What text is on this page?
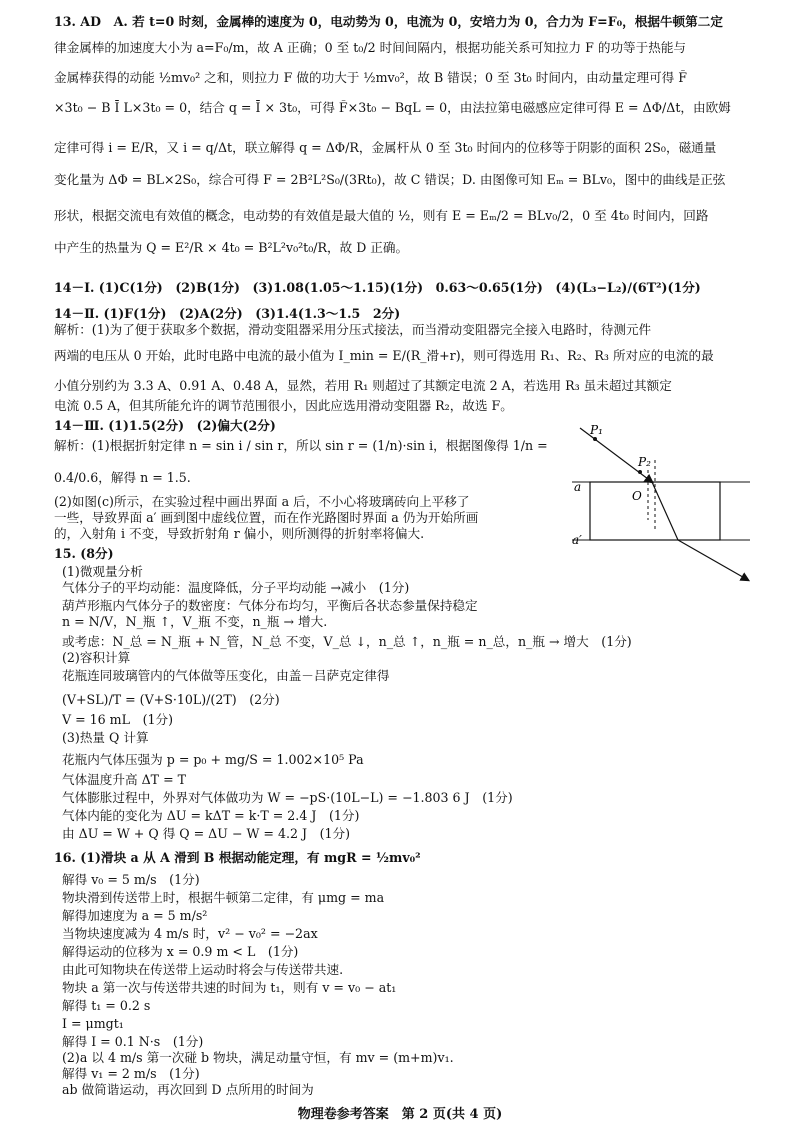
13. AD　A. 若 t=0 时刻，金属棒的速度为 0，电动势为 0，电流为 0，安培力为 0，合力为 F=F₀，根据牛顿第二定
律金属棒的加速度大小为 a=F₀/m，故 A 正确；0 至 t₀/2 时间间隔内，根据功能关系可知拉力 F 的功等于热能与
金属棒获得的动能 ½mv₀² 之和，则拉力 F 做的功大于 ½mv₀²，故 B 错误；0 至 3t₀ 时间内，由动量定理可得 F̄
×3t₀ − B Ī L×3t₀ = 0，结合 q = Ī × 3t₀，可得 F̄×3t₀ − BqL = 0，由法拉第电磁感应定律可得 E = ΔΦ/Δt，由欧姆
定律可得 i = E/R，又 i = q/Δt，联立解得 q = ΔΦ/R，金属杆从 0 至 3t₀ 时间内的位移等于阴影的面积 2S₀，磁通量
变化量为 ΔΦ = BL×2S₀，综合可得 F = 2B²L²S₀/(3Rt₀)，故 C 错误；D. 由图像可知 Eₘ = BLv₀，图中的曲线是正弦
形状，根据交流电有效值的概念，电动势的有效值是最大值的 ½，则有 E = Eₘ/2 = BLv₀/2，0 至 4t₀ 时间内，回路
中产生的热量为 Q = E²/R × 4t₀ = B²L²v₀²t₀/R，故 D 正确。
14－Ⅰ. (1)C(1分)　(2)B(1分)　(3)1.08(1.05～1.15)(1分)　0.63～0.65(1分)　(4)(L₃−L₂)/(6T²)(1分)
14－Ⅱ. (1)F(1分)　(2)A(2分)　(3)1.4(1.3～1.5　2分)
解析：(1)为了便于获取多个数据，滑动变阻器采用分压式接法，而当滑动变阻器完全接入电路时，待测元件
两端的电压从 0 开始，此时电路中电流的最小值为 I_min = E/(R_滑+r)，则可得选用 R₁、R₂、R₃ 所对应的电流的最
小值分别约为 3.3 A、0.91 A、0.48 A，显然，若用 R₁ 则超过了其额定电流 2 A，若选用 R₃ 虽未超过其额定
电流 0.5 A，但其所能允许的调节范围很小，因此应选用滑动变阻器 R₂，故选 F。
14－Ⅲ. (1)1.5(2分)　(2)偏大(2分)
解析：(1)根据折射定律 n = sin i / sin r，所以 sin r = (1/n)·sin i，根据图像得 1/n =
0.4/0.6，解得 n = 1.5.
(2)如图(c)所示，在实验过程中画出界面 a 后，不小心将玻璃砖向上平移了
一些，导致界面 a′ 画到图中虚线位置，而在作光路图时界面 a 仍为开始所画
的，入射角 i 不变，导致折射角 r 偏小，则所测得的折射率将偏大.
P₁
P₂
a
a′
O
15. (8分)
(1)微观量分析
气体分子的平均动能：温度降低，分子平均动能 →减小　(1分)
葫芦形瓶内气体分子的数密度：气体分布均匀，平衡后各状态参量保持稳定
n = N/V，N_瓶 ↑，V_瓶 不变，n_瓶 → 增大.
或考虑：N_总 = N_瓶 + N_管，N_总 不变，V_总 ↓，n_总 ↑，n_瓶 = n_总，n_瓶 → 增大　(1分)
(2)容积计算
花瓶连同玻璃管内的气体做等压变化，由盖－吕萨克定律得
(V+SL)/T = (V+S·10L)/(2T)　(2分)
V = 16 mL　(1分)
(3)热量 Q 计算
花瓶内气体压强为 p = p₀ + mg/S = 1.002×10⁵ Pa
气体温度升高 ΔT = T
气体膨胀过程中，外界对气体做功为 W = −pS·(10L−L) = −1.803 6 J　(1分)
气体内能的变化为 ΔU = kΔT = k·T = 2.4 J　(1分)
由 ΔU = W + Q 得 Q = ΔU − W = 4.2 J　(1分)
16. (1)滑块 a 从 A 滑到 B 根据动能定理，有 mgR = ½mv₀²
解得 v₀ = 5 m/s　(1分)
物块滑到传送带上时，根据牛顿第二定律，有 μmg = ma
解得加速度为 a = 5 m/s²
当物块速度减为 4 m/s 时，v² − v₀² = −2ax
解得运动的位移为 x = 0.9 m < L　(1分)
由此可知物块在传送带上运动时将会与传送带共速.
物块 a 第一次与传送带共速的时间为 t₁，则有 v = v₀ − at₁
解得 t₁ = 0.2 s
I = μmgt₁
解得 I = 0.1 N·s　(1分)
(2)a 以 4 m/s 第一次碰 b 物块，满足动量守恒，有 mv = (m+m)v₁.
解得 v₁ = 2 m/s　(1分)
ab 做简谐运动，再次回到 D 点所用的时间为
物理卷参考答案　第 2 页(共 4 页)
